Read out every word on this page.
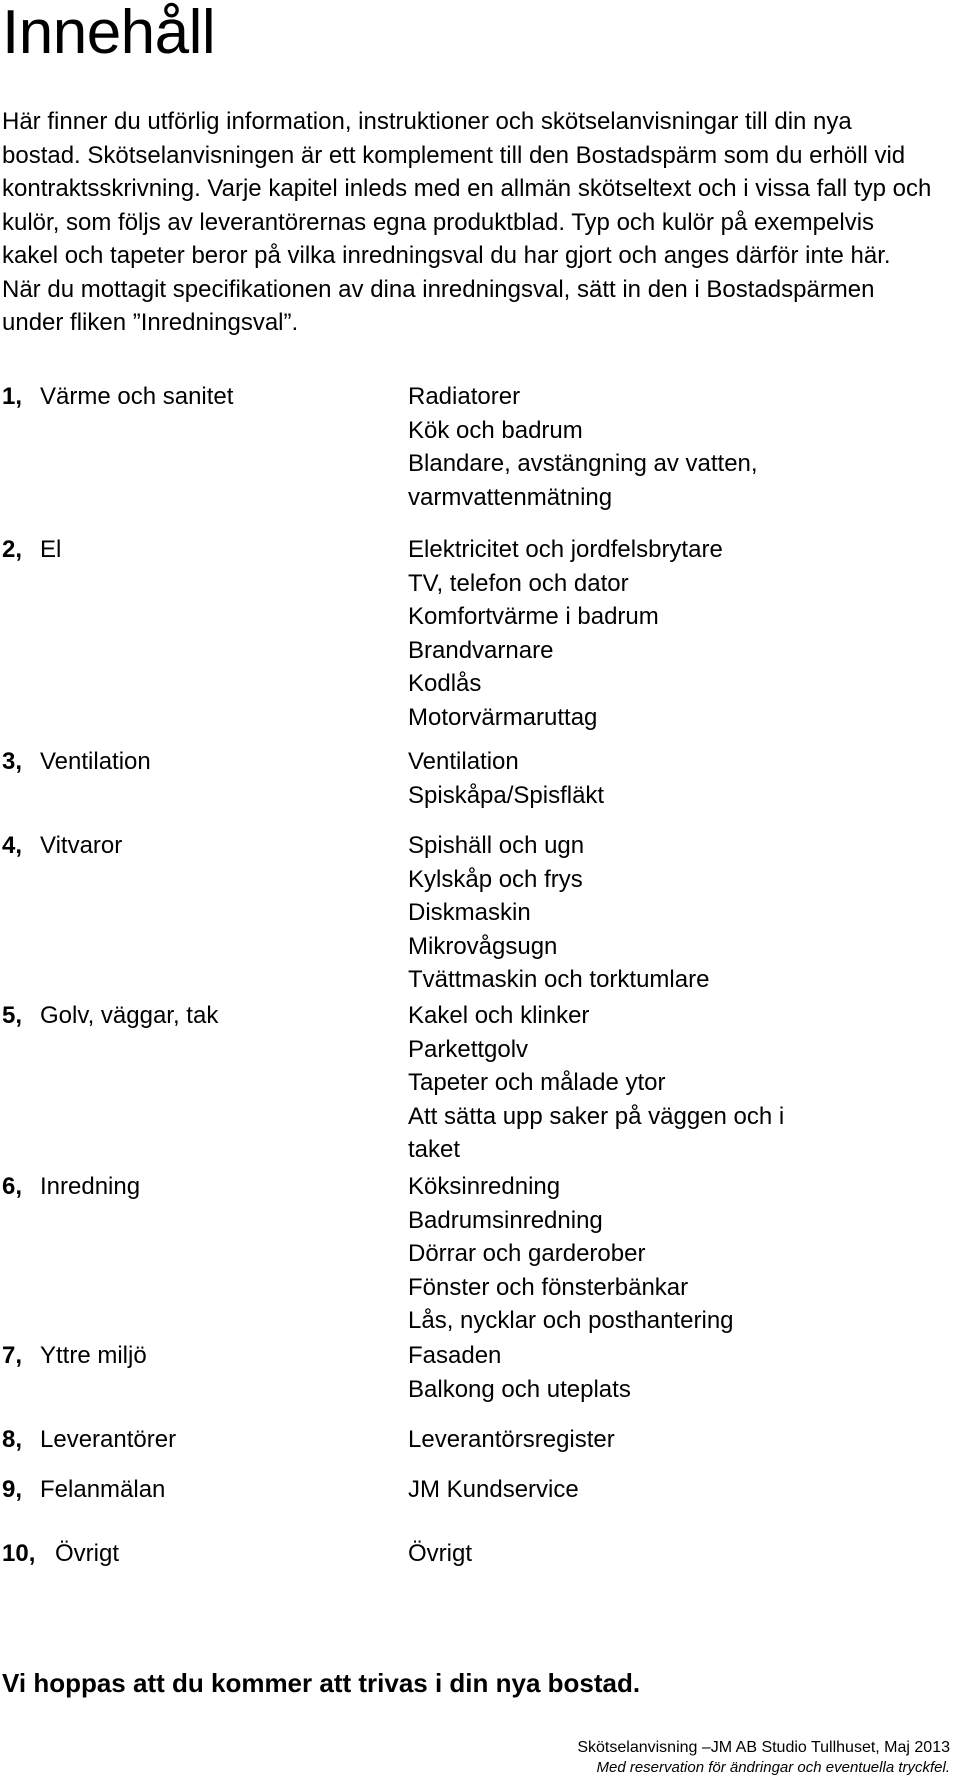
Innehåll

Här finner du utförlig information, instruktioner och skötselanvisningar till din nya bostad. Skötselanvisningen är ett komplement till den Bostadspärm som du erhöll vid kontraktsskrivning. Varje kapitel inleds med en allmän skötseltext och i vissa fall typ och kulör, som följs av leverantörernas egna produktblad. Typ och kulör på exempelvis kakel och tapeter beror på vilka inredningsval du har gjort och anges därför inte här. När du mottagit specifikationen av dina inredningsval, sätt in den i Bostadspärmen under fliken ”Inredningsval”.

1, Värme och sanitet	Radiatorer
Kök och badrum
Blandare, avstängning av vatten,
varmvattenmätning
2, El	Elektricitet och jordfelsbrytare
TV, telefon och dator
Komfortvärme i badrum
Brandvarnare
Kodlås
Motorvärmaruttag
3, Ventilation	Ventilation
Spiskåpa/Spisfläkt
4, Vitvaror	Spishäll och ugn
Kylskåp och frys
Diskmaskin
Mikrovågsugn
Tvättmaskin och torktumlare
5, Golv, väggar, tak	Kakel och klinker
Parkettgolv
Tapeter och målade ytor
Att sätta upp saker på väggen och i
taket
6, Inredning	Köksinredning
Badrumsinredning
Dörrar och garderober
Fönster och fönsterbänkar
Lås, nycklar och posthantering
7, Yttre miljö	Fasaden
Balkong och uteplats
8, Leverantörer	Leverantörsregister
9, Felanmälan	JM Kundservice
10, Övrigt	Övrigt

Vi hoppas att du kommer att trivas i din nya bostad.

Skötselanvisning –JM AB Studio Tullhuset, Maj 2013
Med reservation för ändringar och eventuella tryckfel.
